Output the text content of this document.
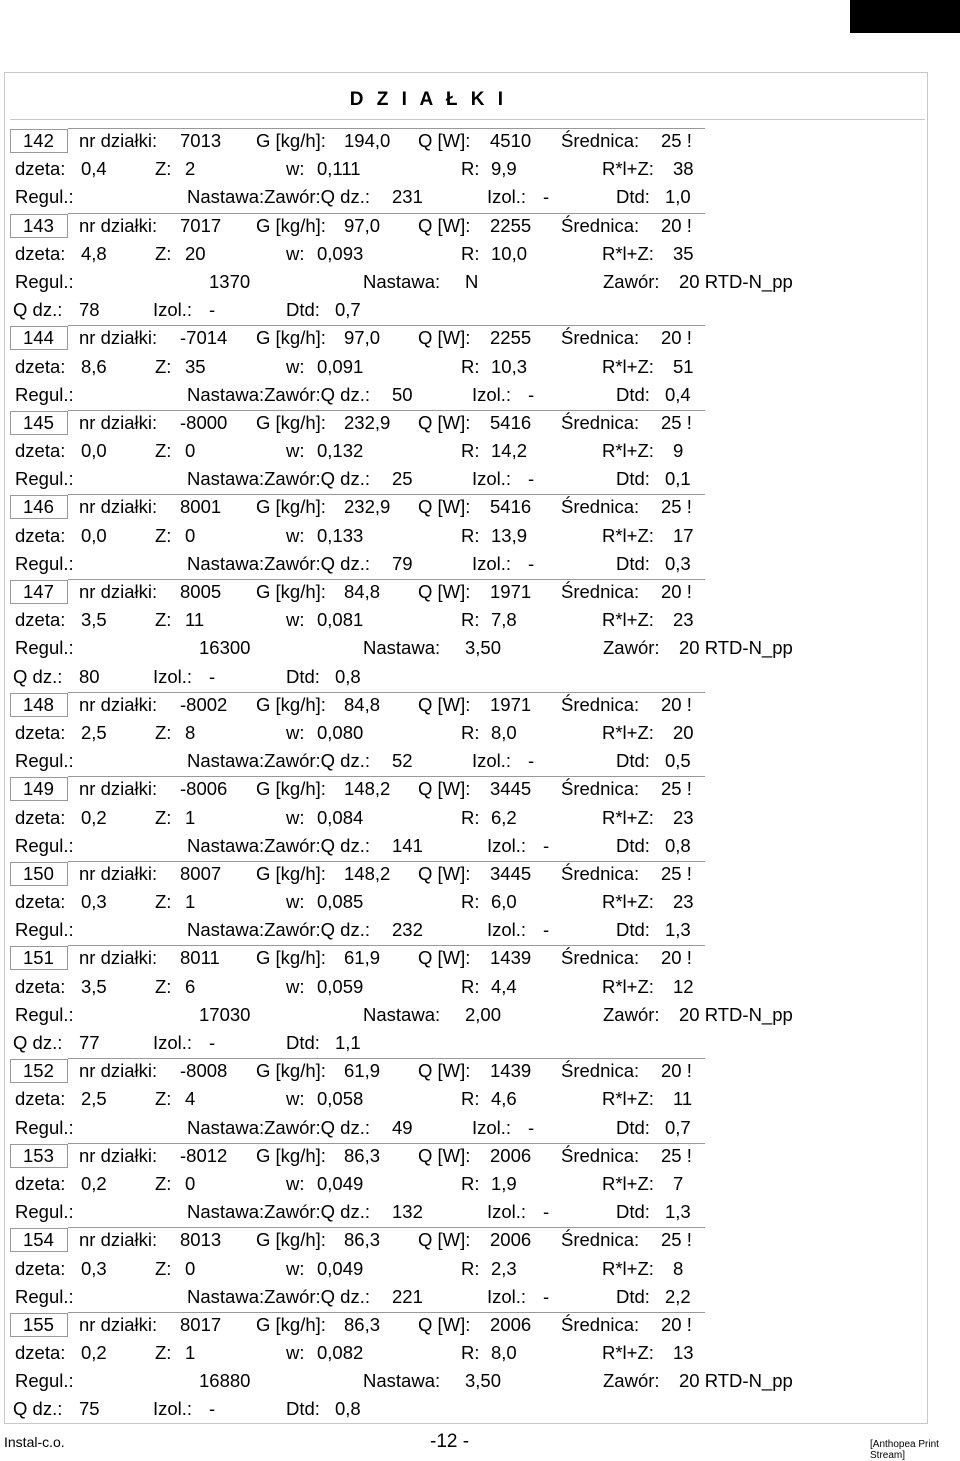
D Z I A Ł K I
142 nr działki: 7013 G [kg/h]: 194,0 Q [W]: 4510 Średnica: 25 !
dzeta: 0,4	Z: 2	w: 0,111	R: 9,9	R*l+Z: 38
Regul.:	Nastawa:Zawór:Q dz.: 231	Izol.: -	Dtd: 1,0
143 nr działki: 7017 G [kg/h]: 97,0 Q [W]: 2255 Średnica: 20 !
dzeta: 4,8	Z: 20	w: 0,093	R: 10,0	R*l+Z: 35
Regul.:	1370	Nastawa: N	Zawór: 20 RTD-N_pp
Q dz.: 78	Izol.: -	Dtd: 0,7
144 nr działki: -7014 G [kg/h]: 97,0 Q [W]: 2255 Średnica: 20 !
dzeta: 8,6	Z: 35	w: 0,091	R: 10,3	R*l+Z: 51
Regul.:	Nastawa:Zawór:Q dz.: 50	Izol.: -	Dtd: 0,4
145 nr działki: -8000 G [kg/h]: 232,9 Q [W]: 5416 Średnica: 25 !
dzeta: 0,0	Z: 0	w: 0,132	R: 14,2	R*l+Z: 9
Regul.:	Nastawa:Zawór:Q dz.: 25	Izol.: -	Dtd: 0,1
146 nr działki: 8001 G [kg/h]: 232,9 Q [W]: 5416 Średnica: 25 !
dzeta: 0,0	Z: 0	w: 0,133	R: 13,9	R*l+Z: 17
Regul.:	Nastawa:Zawór:Q dz.: 79	Izol.: -	Dtd: 0,3
147 nr działki: 8005 G [kg/h]: 84,8 Q [W]: 1971 Średnica: 20 !
dzeta: 3,5	Z: 11	w: 0,081	R: 7,8	R*l+Z: 23
Regul.:	16300	Nastawa: 3,50	Zawór: 20 RTD-N_pp
Q dz.: 80	Izol.: -	Dtd: 0,8
148 nr działki: -8002 G [kg/h]: 84,8 Q [W]: 1971 Średnica: 20 !
dzeta: 2,5	Z: 8	w: 0,080	R: 8,0	R*l+Z: 20
Regul.:	Nastawa:Zawór:Q dz.: 52	Izol.: -	Dtd: 0,5
149 nr działki: -8006 G [kg/h]: 148,2 Q [W]: 3445 Średnica: 25 !
dzeta: 0,2	Z: 1	w: 0,084	R: 6,2	R*l+Z: 23
Regul.:	Nastawa:Zawór:Q dz.: 141	Izol.: -	Dtd: 0,8
150 nr działki: 8007 G [kg/h]: 148,2 Q [W]: 3445 Średnica: 25 !
dzeta: 0,3	Z: 1	w: 0,085	R: 6,0	R*l+Z: 23
Regul.:	Nastawa:Zawór:Q dz.: 232	Izol.: -	Dtd: 1,3
151 nr działki: 8011 G [kg/h]: 61,9 Q [W]: 1439 Średnica: 20 !
dzeta: 3,5	Z: 6	w: 0,059	R: 4,4	R*l+Z: 12
Regul.:	17030	Nastawa: 2,00	Zawór: 20 RTD-N_pp
Q dz.: 77	Izol.: -	Dtd: 1,1
152 nr działki: -8008 G [kg/h]: 61,9 Q [W]: 1439 Średnica: 20 !
dzeta: 2,5	Z: 4	w: 0,058	R: 4,6	R*l+Z: 11
Regul.:	Nastawa:Zawór:Q dz.: 49	Izol.: -	Dtd: 0,7
153 nr działki: -8012 G [kg/h]: 86,3 Q [W]: 2006 Średnica: 25 !
dzeta: 0,2	Z: 0	w: 0,049	R: 1,9	R*l+Z: 7
Regul.:	Nastawa:Zawór:Q dz.: 132	Izol.: -	Dtd: 1,3
154 nr działki: 8013 G [kg/h]: 86,3 Q [W]: 2006 Średnica: 25 !
dzeta: 0,3	Z: 0	w: 0,049	R: 2,3	R*l+Z: 8
Regul.:	Nastawa:Zawór:Q dz.: 221	Izol.: -	Dtd: 2,2
155 nr działki: 8017 G [kg/h]: 86,3 Q [W]: 2006 Średnica: 20 !
dzeta: 0,2	Z: 1	w: 0,082	R: 8,0	R*l+Z: 13
Regul.:	16880	Nastawa: 3,50	Zawór: 20 RTD-N_pp
Q dz.: 75	Izol.: -	Dtd: 0,8
Instal-c.o.	-12 -	[Anthopea Print Stream]
